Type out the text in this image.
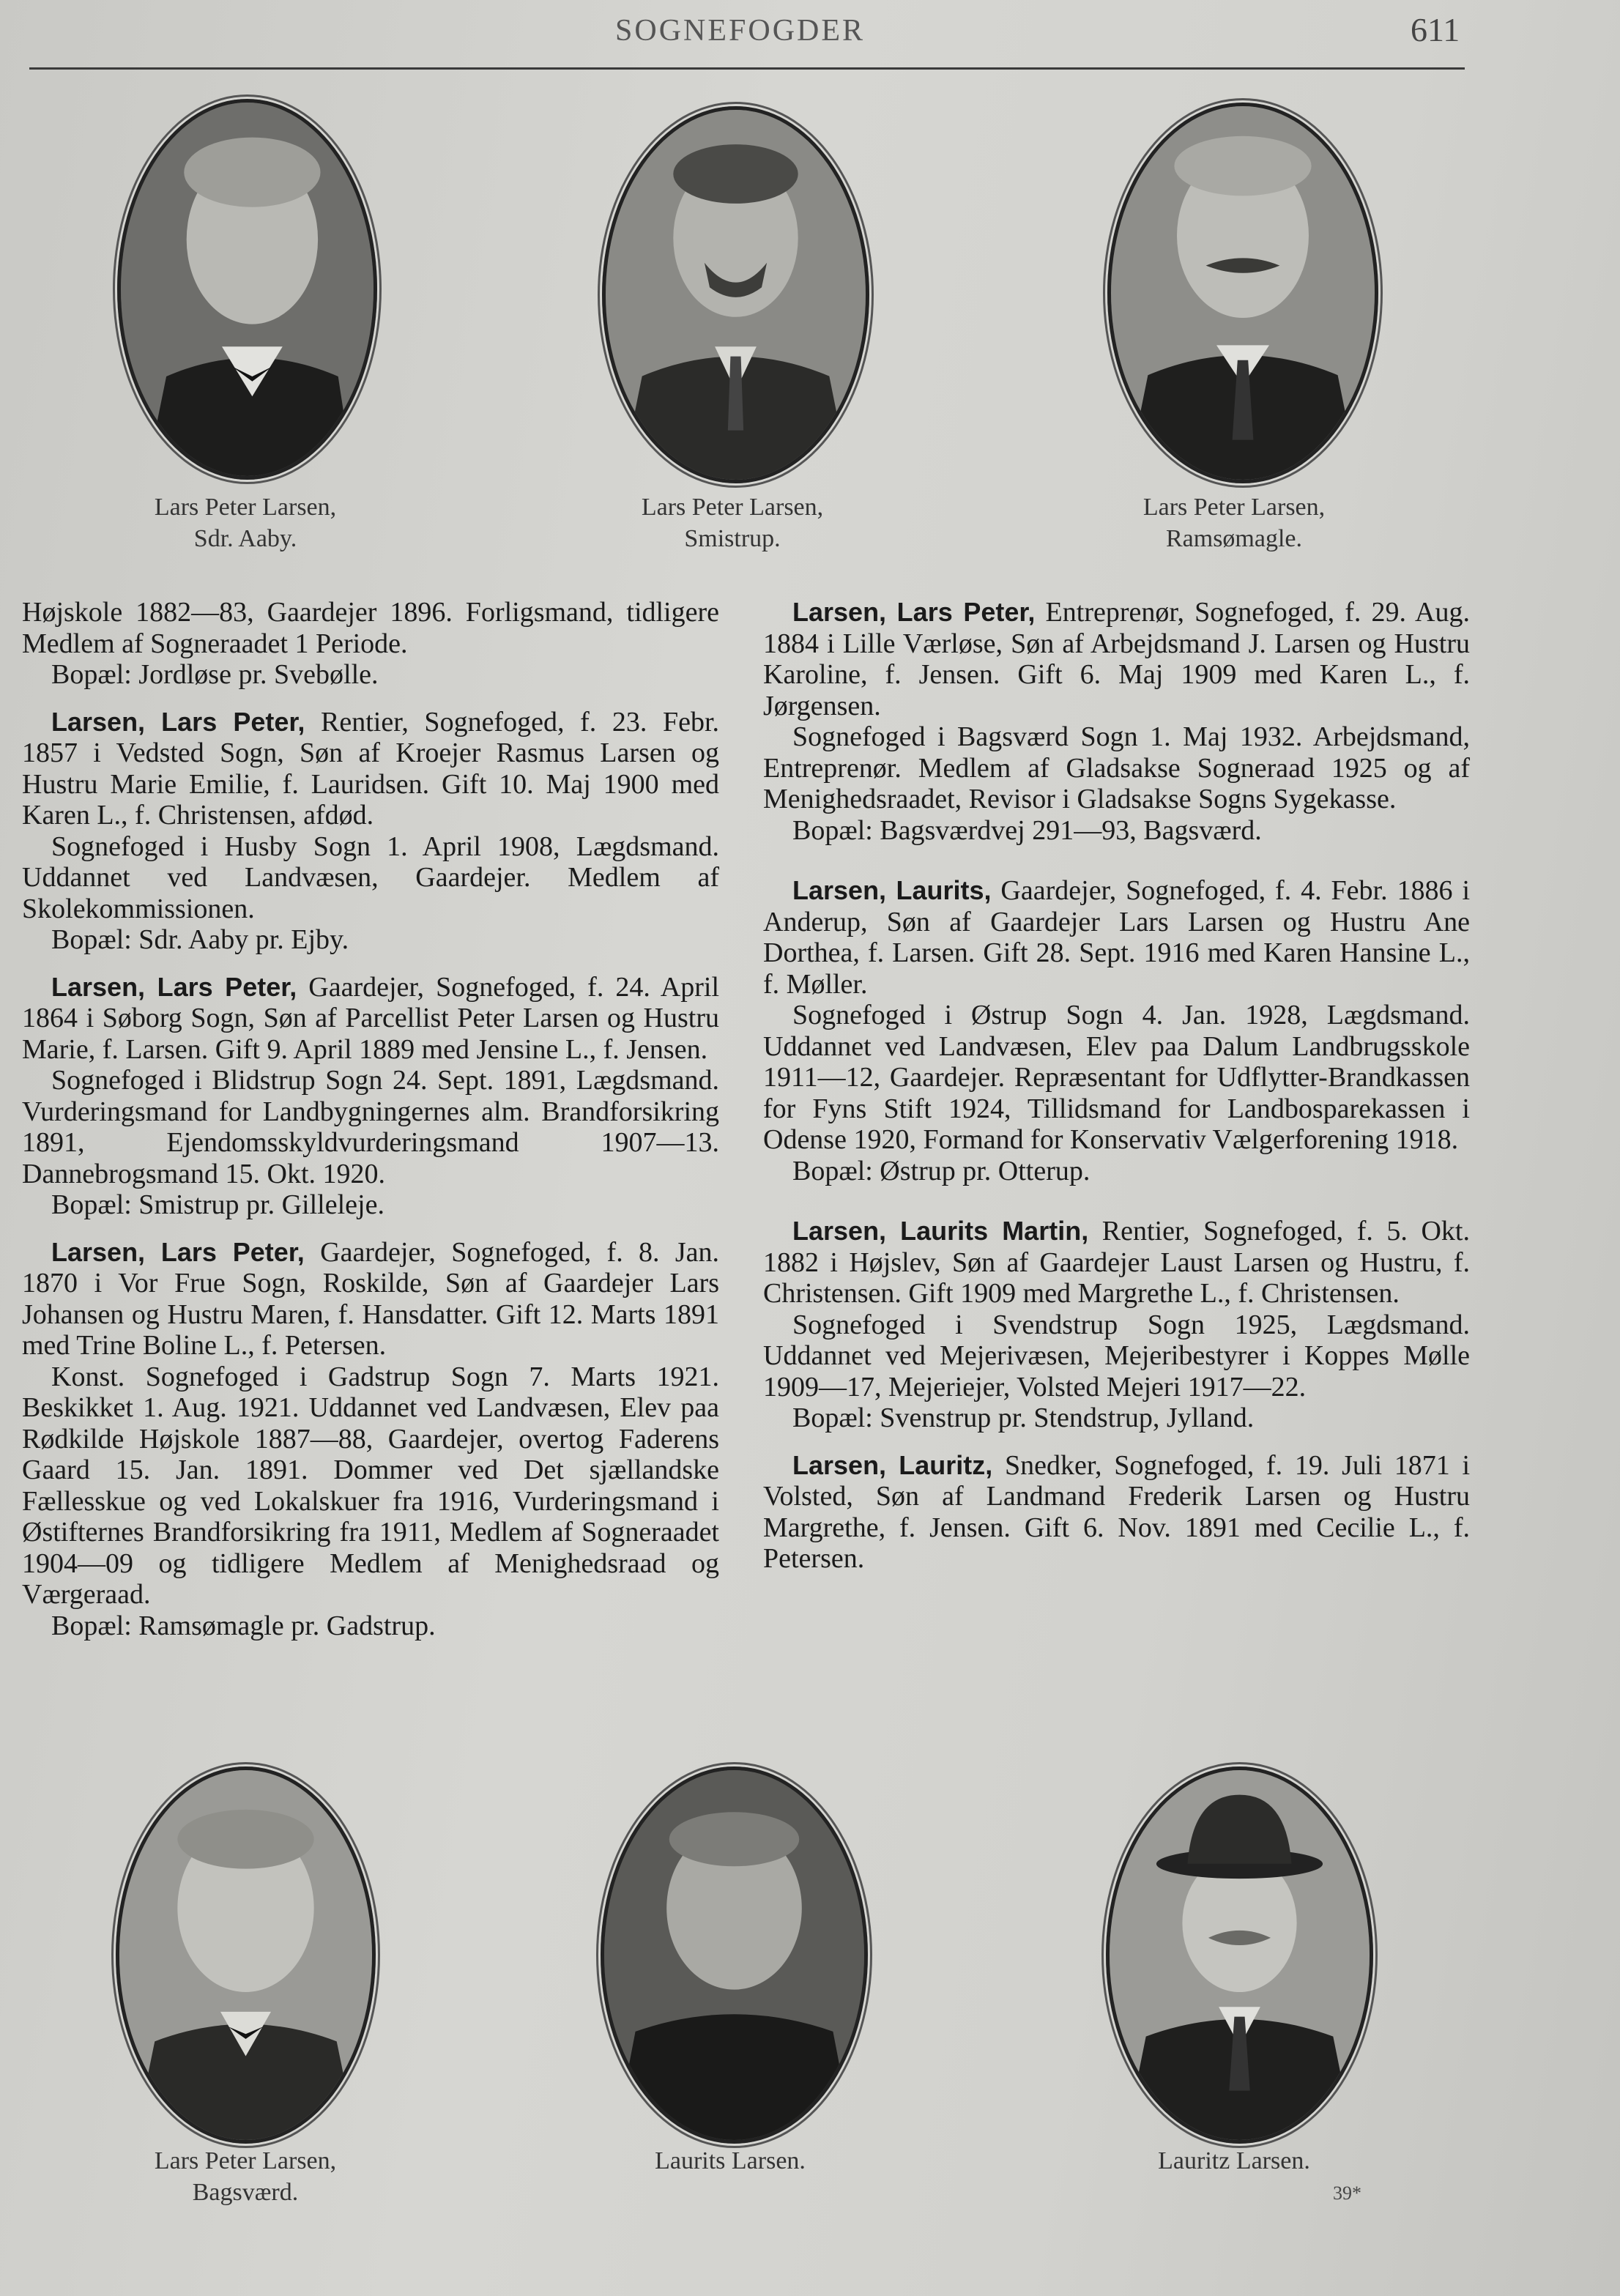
SOGNEFOGDER	611
Lars Peter Larsen,
Sdr. Aaby.
Lars Peter Larsen,
Smistrup.
Lars Peter Larsen,
Ramsømagle.

Højskole 1882—83, Gaardejer 1896. Forligsmand, tidligere Medlem af Sogneraadet 1 Periode.

Bopæl: Jordløse pr. Svebølle.

Larsen, Lars Peter, Rentier, Sognefoged, f. 23. Febr. 1857 i Vedsted Sogn, Søn af Kroejer Rasmus Larsen og Hustru Marie Emilie, f. Lauridsen. Gift 10. Maj 1900 med Karen L., f. Christensen, afdød.

Sognefoged i Husby Sogn 1. April 1908, Lægdsmand. Uddannet ved Landvæsen, Gaardejer. Medlem af Skolekommissionen.

Bopæl: Sdr. Aaby pr. Ejby.

Larsen, Lars Peter, Gaardejer, Sognefoged, f. 24. April 1864 i Søborg Sogn, Søn af Parcellist Peter Larsen og Hustru Marie, f. Larsen. Gift 9. April 1889 med Jensine L., f. Jensen.

Sognefoged i Blidstrup Sogn 24. Sept. 1891, Lægdsmand. Vurderingsmand for Landbygningernes alm. Brandforsikring 1891, Ejendomsskyldvurderingsmand 1907—13. Dannebrogsmand 15. Okt. 1920.

Bopæl: Smistrup pr. Gilleleje.

Larsen, Lars Peter, Gaardejer, Sognefoged, f. 8. Jan. 1870 i Vor Frue Sogn, Roskilde, Søn af Gaardejer Lars Johansen og Hustru Maren, f. Hansdatter. Gift 12. Marts 1891 med Trine Boline L., f. Petersen.

Konst. Sognefoged i Gadstrup Sogn 7. Marts 1921. Beskikket 1. Aug. 1921. Uddannet ved Landvæsen, Elev paa Rødkilde Højskole 1887—88, Gaardejer, overtog Faderens Gaard 15. Jan. 1891. Dommer ved Det sjællandske Fællesskue og ved Lokalskuer fra 1916, Vurderingsmand i Østifternes Brandforsikring fra 1911, Medlem af Sogneraadet 1904—09 og tidligere Medlem af Menighedsraad og Værgeraad.

Bopæl: Ramsømagle pr. Gadstrup.

Larsen, Lars Peter, Entreprenør, Sognefoged, f. 29. Aug. 1884 i Lille Værløse, Søn af Arbejdsmand J. Larsen og Hustru Karoline, f. Jensen. Gift 6. Maj 1909 med Karen L., f. Jørgensen.

Sognefoged i Bagsværd Sogn 1. Maj 1932. Arbejdsmand, Entreprenør. Medlem af Gladsakse Sogneraad 1925 og af Menighedsraadet, Revisor i Gladsakse Sogns Sygekasse.

Bopæl: Bagsværdvej 291—93, Bagsværd.

Larsen, Laurits, Gaardejer, Sognefoged, f. 4. Febr. 1886 i Anderup, Søn af Gaardejer Lars Larsen og Hustru Ane Dorthea, f. Larsen. Gift 28. Sept. 1916 med Karen Hansine L., f. Møller.

Sognefoged i Østrup Sogn 4. Jan. 1928, Lægdsmand. Uddannet ved Landvæsen, Elev paa Dalum Landbrugsskole 1911—12, Gaardejer. Repræsentant for Udflytter-Brandkassen for Fyns Stift 1924, Tillidsmand for Landbosparekassen i Odense 1920, Formand for Konservativ Vælgerforening 1918.

Bopæl: Østrup pr. Otterup.

Larsen, Laurits Martin, Rentier, Sognefoged, f. 5. Okt. 1882 i Højslev, Søn af Gaardejer Laust Larsen og Hustru, f. Christensen. Gift 1909 med Margrethe L., f. Christensen.

Sognefoged i Svendstrup Sogn 1925, Lægdsmand. Uddannet ved Mejerivæsen, Mejeribestyrer i Koppes Mølle 1909—17, Mejeriejer, Volsted Mejeri 1917—22.

Bopæl: Svenstrup pr. Stendstrup, Jylland.

Larsen, Lauritz, Snedker, Sognefoged, f. 19. Juli 1871 i Volsted, Søn af Landmand Frederik Larsen og Hustru Margrethe, f. Jensen. Gift 6. Nov. 1891 med Cecilie L., f. Petersen.

Lars Peter Larsen,
Bagsværd.
Laurits Larsen.	Lauritz Larsen.
39*
